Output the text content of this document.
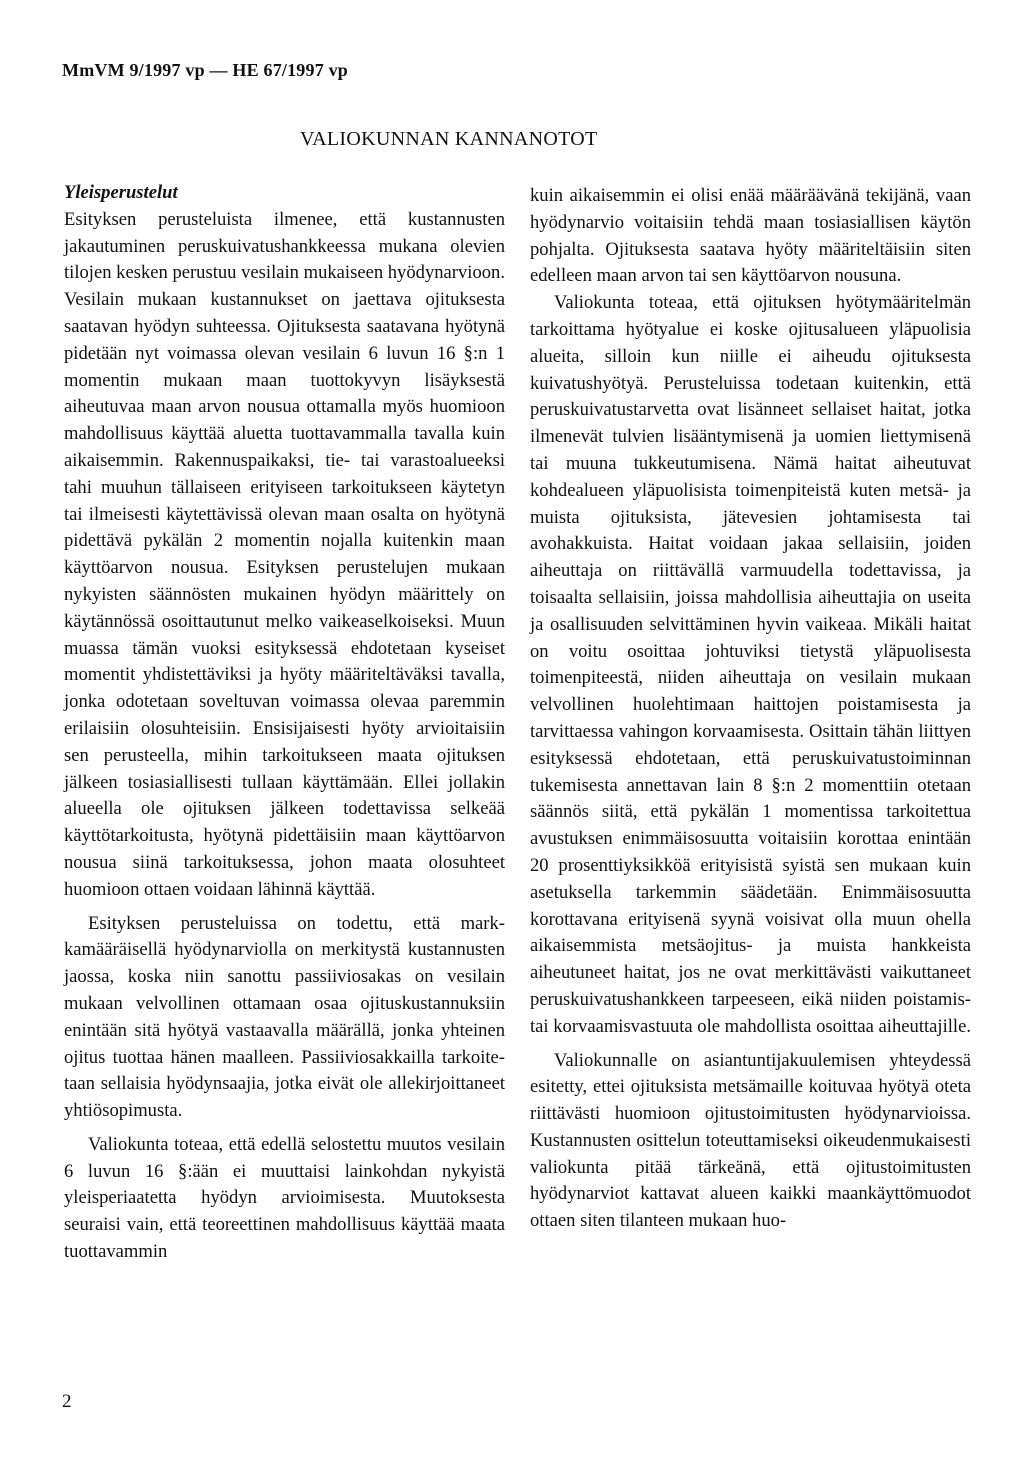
MmVM 9/1997 vp — HE 67/1997 vp
VALIOKUNNAN KANNANOTOT

Yleisperustelut

Esityksen perusteluista ilmenee, että kustannusten jakautuminen peruskuivatushankkeessa mukana olevien tilojen kesken perustuu vesilain mukaiseen hyödynarvioon. Vesilain mukaan kustannukset on jaettava ojituksesta saatavan hyödyn suhteessa. Ojituksesta saatavana hyötynä pidetään nyt voimassa olevan vesilain 6 luvun 16 §:n 1 momentin mukaan maan tuottokyvyn lisäyksestä aiheutuvaa maan arvon nousua ottamalla myös huomioon mahdollisuus käyttää aluetta tuottavammalla tavalla kuin aikaisemmin. Rakennuspaikaksi, tie- tai varastoalueeksi tahi muuhun tällaiseen erityiseen tarkoitukseen käytetyn tai ilmeisesti käytettävissä olevan maan osalta on hyötynä pidettävä pykälän 2 momentin nojalla kuitenkin maan käyttöarvon nousua. Esityksen perustelujen mukaan nykyisten säännösten mukainen hyödyn määrittely on käytännössä osoittautunut melko vaikeaselkoiseksi. Muun muassa tämän vuoksi esityksessä ehdotetaan kyseiset momentit yhdistettäviksi ja hyöty määriteltäväksi tavalla, jonka odotetaan soveltuvan voimassa olevaa paremmin erilaisiin olosuhteisiin. Ensisijaisesti hyöty arvioitaisiin sen perusteella, mihin tarkoitukseen maata ojituksen jälkeen tosiasiallisesti tullaan käyttämään. Ellei jollakin alueella ole ojituksen jälkeen todettavissa selkeää käyttötarkoitusta, hyötynä pidettäisiin maan käyttöarvon nousua siinä tarkoituksessa, johon maata olosuhteet huomioon ottaen voidaan lähinnä käyttää.

Esityksen perusteluissa on todettu, että markkamääräisellä hyödynarviolla on merkitystä kustannusten jaossa, koska niin sanottu passiiviosakas on vesilain mukaan velvollinen ottamaan osaa ojituskustannuksiin enintään sitä hyötyä vastaavalla määrällä, jonka yhteinen ojitus tuottaa hänen maalleen. Passiiviosakkailla tarkoitetaan sellaisia hyödynsaajia, jotka eivät ole allekirjoittaneet yhtiösopimusta.

Valiokunta toteaa, että edellä selostettu muutos vesilain 6 luvun 16 §:ään ei muuttaisi lainkohdan nykyistä yleisperiaatetta hyödyn arvioimisesta. Muutoksesta seuraisi vain, että teoreettinen mahdollisuus käyttää maata tuottavammin

kuin aikaisemmin ei olisi enää määräävänä tekijänä, vaan hyödynarvio voitaisiin tehdä maan tosiasiallisen käytön pohjalta. Ojituksesta saatava hyöty määriteltäisiin siten edelleen maan arvon tai sen käyttöarvon nousuna.

Valiokunta toteaa, että ojituksen hyötymääritelmän tarkoittama hyötyalue ei koske ojitusalueen yläpuolisia alueita, silloin kun niille ei aiheudu ojituksesta kuivatushyötyä. Perusteluissa todetaan kuitenkin, että peruskuivatustarvetta ovat lisänneet sellaiset haitat, jotka ilmenevät tulvien lisääntymisenä ja uomien liettymisenä tai muuna tukkeutumisena. Nämä haitat aiheutuvat kohdealueen yläpuolisista toimenpiteistä kuten metsä- ja muista ojituksista, jätevesien johtamisesta tai avohakkuista. Haitat voidaan jakaa sellaisiin, joiden aiheuttaja on riittävällä varmuudella todettavissa, ja toisaalta sellaisiin, joissa mahdollisia aiheuttajia on useita ja osallisuuden selvittäminen hyvin vaikeaa. Mikäli haitat on voitu osoittaa johtuviksi tietystä yläpuolisesta toimenpiteestä, niiden aiheuttaja on vesilain mukaan velvollinen huolehtimaan haittojen poistamisesta ja tarvittaessa vahingon korvaamisesta. Osittain tähän liittyen esityksessä ehdotetaan, että peruskuivatustoiminnan tukemisesta annettavan lain 8 §:n 2 momenttiin otetaan säännös siitä, että pykälän 1 momentissa tarkoitettua avustuksen enimmäisosuutta voitaisiin korottaa enintään 20 prosenttiyksikköä erityisistä syistä sen mukaan kuin asetuksella tarkemmin säädetään. Enimmäisosuutta korottavana erityisenä syynä voisivat olla muun ohella aikaisemmista metsäojitus- ja muista hankkeista aiheutuneet haitat, jos ne ovat merkittävästi vaikuttaneet peruskuivatushankkeen tarpeeseen, eikä niiden poistamis- tai korvaamisvastuuta ole mahdollista osoittaa aiheuttajille.

Valiokunnalle on asiantuntijakuulemisen yhteydessä esitetty, ettei ojituksista metsämaille koituvaa hyötyä oteta riittävästi huomioon ojitustoimitusten hyödynarvioissa. Kustannusten osittelun toteuttamiseksi oikeudenmukaisesti valiokunta pitää tärkeänä, että ojitustoimitusten hyödynarviot kattavat alueen kaikki maankäyttömuodot ottaen siten tilanteen mukaan huo-

2
